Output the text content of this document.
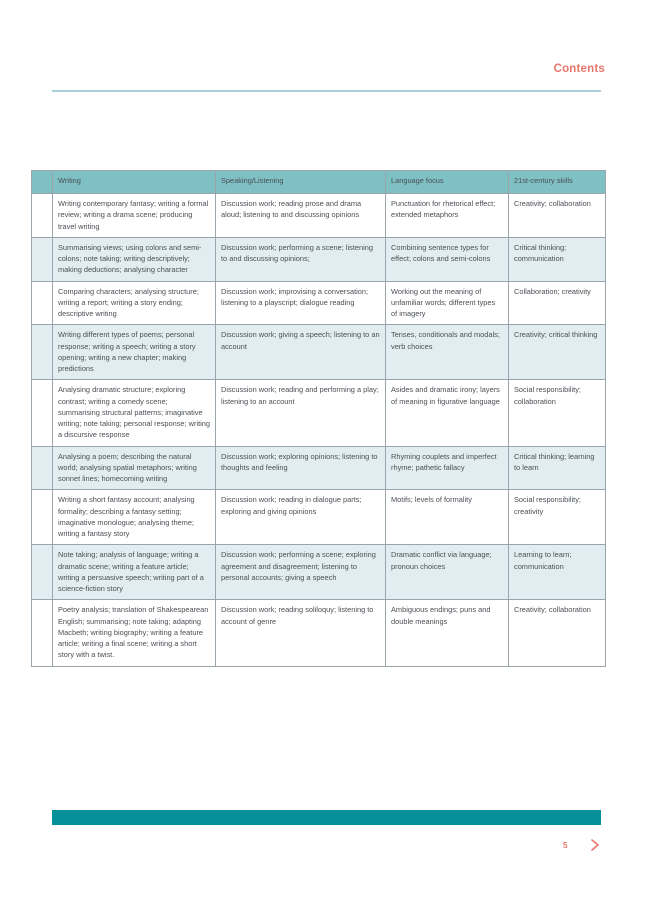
Contents
	Writing	Speaking/Listening	Language focus	21st-century skills
	Writing contemporary fantasy; writing a formal review; writing a drama scene; producing travel writing	Discussion work; reading prose and drama aloud; listening to and discussing opinions	Punctuation for rhetorical effect; extended metaphors	Creativity; collaboration
	Summarising views; using colons and semi-colons; note taking; writing descriptively; making deductions; analysing character	Discussion work; performing a scene; listening to and discussing opinions;	Combining sentence types for effect; colons and semi-colons	Critical thinking; communication
	Comparing characters; analysing structure; writing a report; writing a story ending; descriptive writing	Discussion work; improvising a conversation; listening to a playscript; dialogue reading	Working out the meaning of unfamiliar words; different types of imagery	Collaboration; creativity
	Writing different types of poems; personal response; writing a speech; writing a story opening; writing a new chapter; making predictions	Discussion work; giving a speech; listening to an account	Tenses, conditionals and modals; verb choices	Creativity; critical thinking
	Analysing dramatic structure; exploring contrast; writing a comedy scene; summarising structural patterns; imaginative writing; note taking; personal response; writing a discursive response	Discussion work; reading and performing a play; listening to an account	Asides and dramatic irony; layers of meaning in figurative language	Social responsibility; collaboration
	Analysing a poem; describing the natural world; analysing spatial metaphors; writing sonnet lines; homecoming writing	Discussion work; exploring opinions; listening to thoughts and feeling	Rhyming couplets and imperfect rhyme; pathetic fallacy	Critical thinking; learning to learn
	Writing a short fantasy account; analysing formality; describing a fantasy setting; imaginative monologue; analysing theme; writing a fantasy story	Discussion work; reading in dialogue parts; exploring and giving opinions	Motifs; levels of formality	Social responsibility; creativity
	Note taking; analysis of language; writing a dramatic scene; writing a feature article; writing a persuasive speech; writing part of a science-fiction story	Discussion work; performing a scene; exploring agreement and disagreement; listening to personal accounts; giving a speech	Dramatic conflict via language; pronoun choices	Learning to learn; communication
	Poetry analysis; translation of Shakespearean English; summarising; note taking; adapting Macbeth; writing biography; writing a feature article; writing a final scene; writing a short story with a twist.	Discussion work; reading soliloquy; listening to account of genre	Ambiguous endings; puns and double meanings	Creativity; collaboration
5
